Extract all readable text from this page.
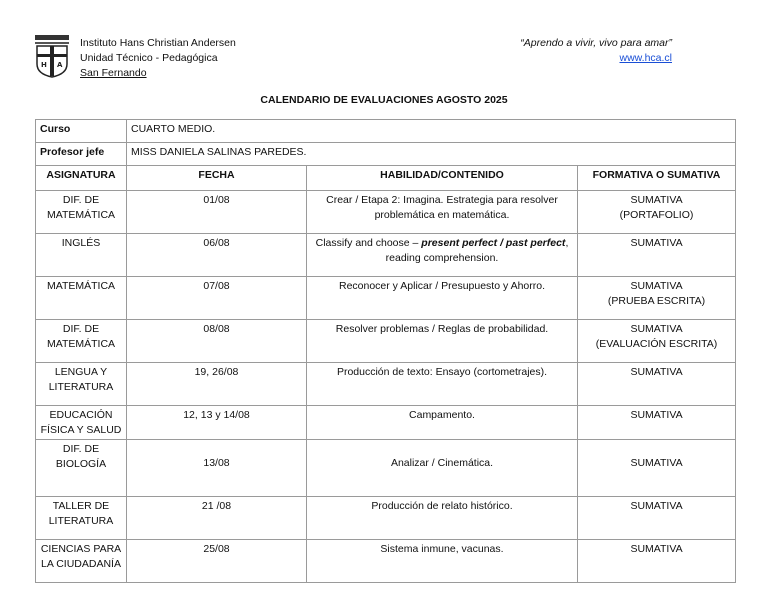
H A
Instituto Hans Christian Andersen
Unidad Técnico - Pedagógica
San Fernando
“Aprendo a vivir, vivo para amar”
www.hca.cl
CALENDARIO DE EVALUACIONES AGOSTO 2025
Curso	CUARTO MEDIO.		
Profesor jefe	MISS DANIELA SALINAS PAREDES.		
ASIGNATURA	FECHA	HABILIDAD/CONTENIDO	FORMATIVA O SUMATIVA
DIF. DE MATEMÁTICA	01/08	Crear / Etapa 2: Imagina. Estrategia para resolver problemática en matemática.	SUMATIVA
(PORTAFOLIO)

INGLÉS	06/08	Classify and choose – present perfect / past perfect, reading comprehension.	SUMATIVA

MATEMÁTICA	07/08	Reconocer y Aplicar / Presupuesto y Ahorro.	SUMATIVA
(PRUEBA ESCRITA)

DIF. DE MATEMÁTICA	08/08	Resolver problemas / Reglas de probabilidad.	SUMATIVA
(EVALUACIÓN ESCRITA)

LENGUA Y LITERATURA	19, 26/08	Producción de texto: Ensayo (cortometrajes).	SUMATIVA

EDUCACIÓN FÍSICA Y SALUD	12, 13 y 14/08	Campamento.	SUMATIVA

DIF. DE BIOLOGÍA	13/08	Analizar / Cinemática.	SUMATIVA

TALLER DE LITERATURA	21 /08	Producción de relato histórico.	SUMATIVA

CIENCIAS PARA LA CIUDADANÍA	25/08	Sistema inmune, vacunas.	SUMATIVA
